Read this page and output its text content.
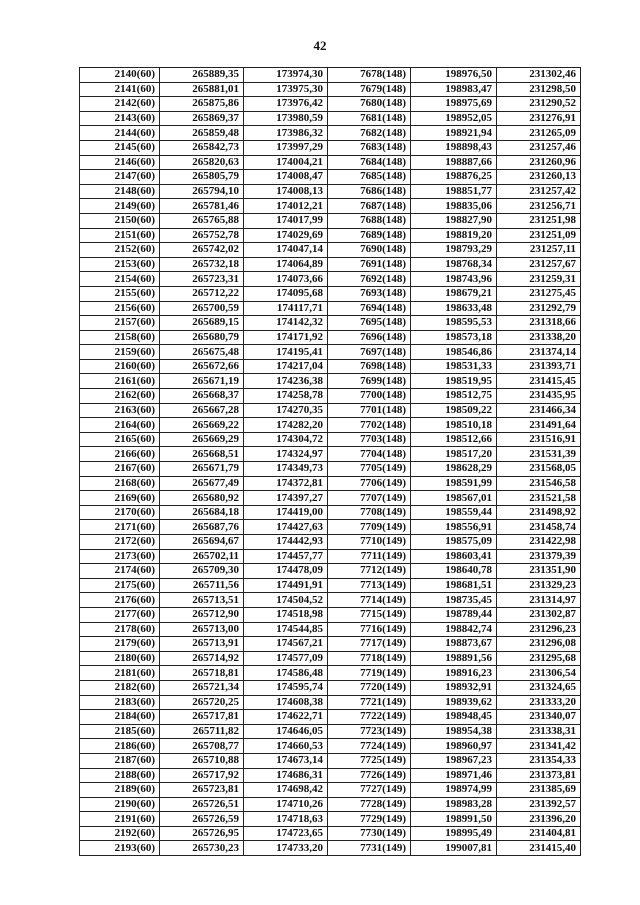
42
2140(60)	265889,35	173974,30	7678(148)	198976,50	231302,46
2141(60)	265881,01	173975,30	7679(148)	198983,47	231298,50
2142(60)	265875,86	173976,42	7680(148)	198975,69	231290,52
2143(60)	265869,37	173980,59	7681(148)	198952,05	231276,91
2144(60)	265859,48	173986,32	7682(148)	198921,94	231265,09
2145(60)	265842,73	173997,29	7683(148)	198898,43	231257,46
2146(60)	265820,63	174004,21	7684(148)	198887,66	231260,96
2147(60)	265805,79	174008,47	7685(148)	198876,25	231260,13
2148(60)	265794,10	174008,13	7686(148)	198851,77	231257,42
2149(60)	265781,46	174012,21	7687(148)	198835,06	231256,71
2150(60)	265765,88	174017,99	7688(148)	198827,90	231251,98
2151(60)	265752,78	174029,69	7689(148)	198819,20	231251,09
2152(60)	265742,02	174047,14	7690(148)	198793,29	231257,11
2153(60)	265732,18	174064,89	7691(148)	198768,34	231257,67
2154(60)	265723,31	174073,66	7692(148)	198743,96	231259,31
2155(60)	265712,22	174095,68	7693(148)	198679,21	231275,45
2156(60)	265700,59	174117,71	7694(148)	198633,48	231292,79
2157(60)	265689,15	174142,32	7695(148)	198595,53	231318,66
2158(60)	265680,79	174171,92	7696(148)	198573,18	231338,20
2159(60)	265675,48	174195,41	7697(148)	198546,86	231374,14
2160(60)	265672,66	174217,04	7698(148)	198531,33	231393,71
2161(60)	265671,19	174236,38	7699(148)	198519,95	231415,45
2162(60)	265668,37	174258,78	7700(148)	198512,75	231435,95
2163(60)	265667,28	174270,35	7701(148)	198509,22	231466,34
2164(60)	265669,22	174282,20	7702(148)	198510,18	231491,64
2165(60)	265669,29	174304,72	7703(148)	198512,66	231516,91
2166(60)	265668,51	174324,97	7704(148)	198517,20	231531,39
2167(60)	265671,79	174349,73	7705(149)	198628,29	231568,05
2168(60)	265677,49	174372,81	7706(149)	198591,99	231546,58
2169(60)	265680,92	174397,27	7707(149)	198567,01	231521,58
2170(60)	265684,18	174419,00	7708(149)	198559,44	231498,92
2171(60)	265687,76	174427,63	7709(149)	198556,91	231458,74
2172(60)	265694,67	174442,93	7710(149)	198575,09	231422,98
2173(60)	265702,11	174457,77	7711(149)	198603,41	231379,39
2174(60)	265709,30	174478,09	7712(149)	198640,78	231351,90
2175(60)	265711,56	174491,91	7713(149)	198681,51	231329,23
2176(60)	265713,51	174504,52	7714(149)	198735,45	231314,97
2177(60)	265712,90	174518,98	7715(149)	198789,44	231302,87
2178(60)	265713,00	174544,85	7716(149)	198842,74	231296,23
2179(60)	265713,91	174567,21	7717(149)	198873,67	231296,08
2180(60)	265714,92	174577,09	7718(149)	198891,56	231295,68
2181(60)	265718,81	174586,48	7719(149)	198916,23	231306,54
2182(60)	265721,34	174595,74	7720(149)	198932,91	231324,65
2183(60)	265720,25	174608,38	7721(149)	198939,62	231333,20
2184(60)	265717,81	174622,71	7722(149)	198948,45	231340,07
2185(60)	265711,82	174646,05	7723(149)	198954,38	231338,31
2186(60)	265708,77	174660,53	7724(149)	198960,97	231341,42
2187(60)	265710,88	174673,14	7725(149)	198967,23	231354,33
2188(60)	265717,92	174686,31	7726(149)	198971,46	231373,81
2189(60)	265723,81	174698,42	7727(149)	198974,99	231385,69
2190(60)	265726,51	174710,26	7728(149)	198983,28	231392,57
2191(60)	265726,59	174718,63	7729(149)	198991,50	231396,20
2192(60)	265726,95	174723,65	7730(149)	198995,49	231404,81
2193(60)	265730,23	174733,20	7731(149)	199007,81	231415,40
